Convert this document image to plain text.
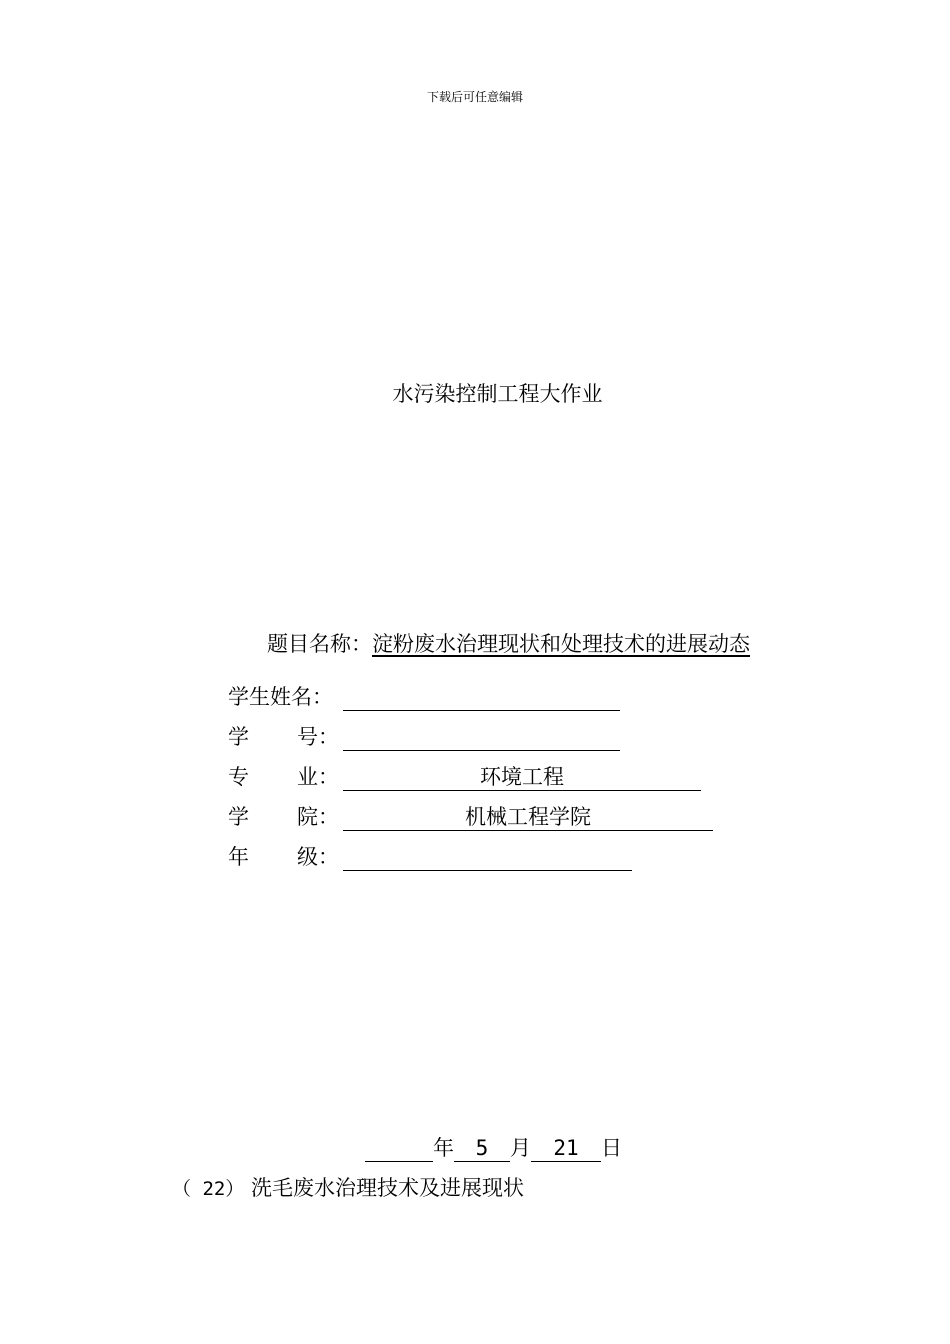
下载后可任意编辑
水污染控制工程大作业
题目名称：淀粉废水治理现状和处理技术的进展动态
学生姓名：
学 号：
专 业：	环境工程
学 院：	机械工程学院
年 级：
年	5	月	21	日
（ 22） 洗毛废水治理技术及进展现状
